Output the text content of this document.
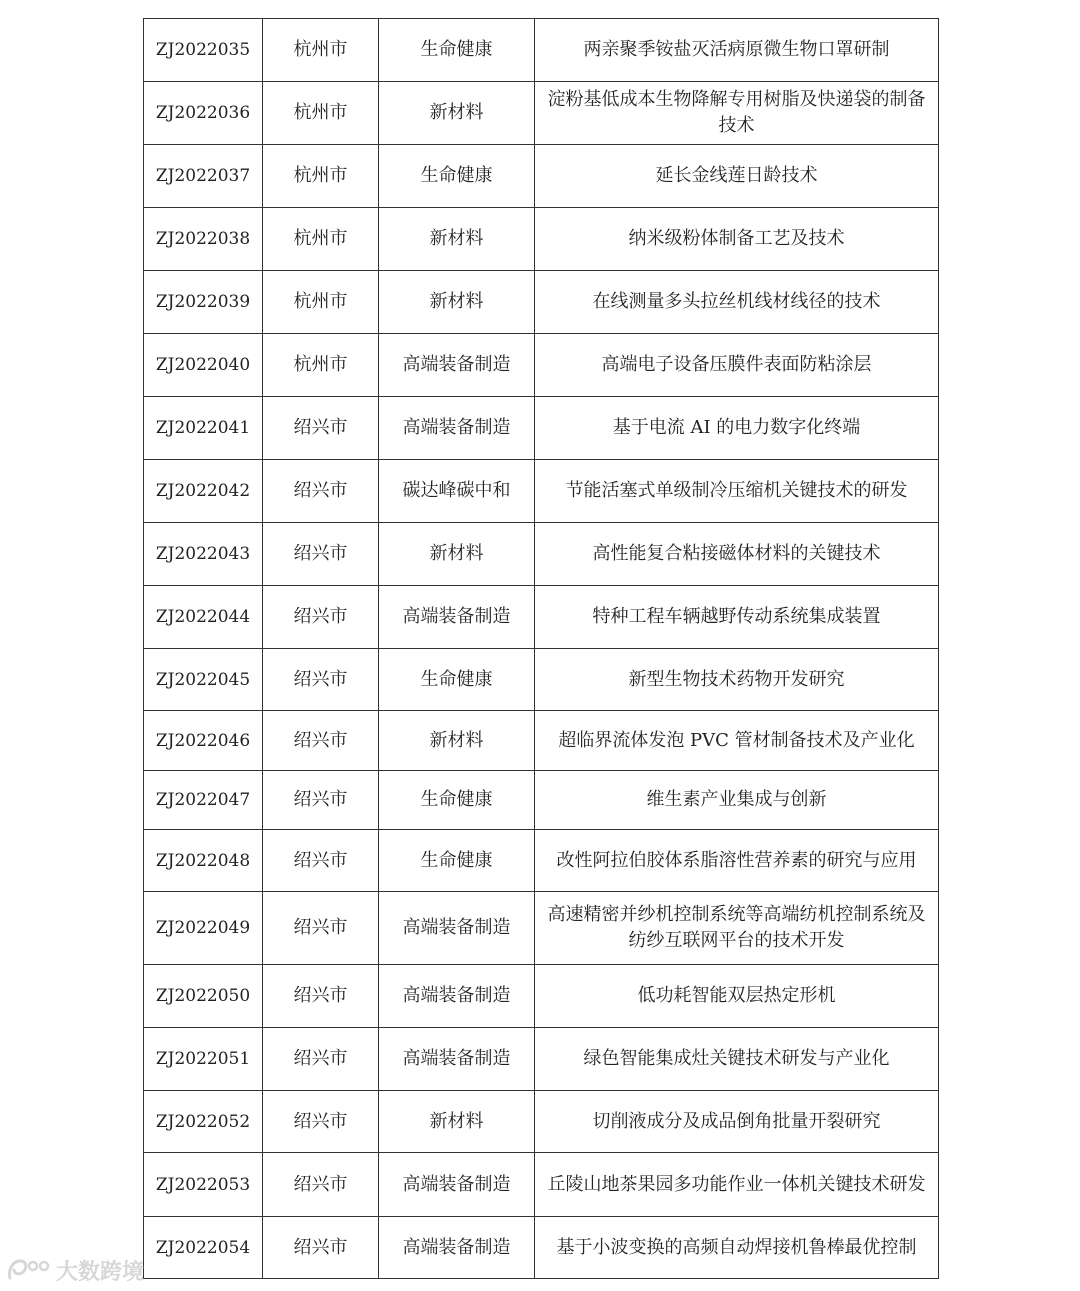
ZJ2022035	杭州市	生命健康	两亲聚季铵盐灭活病原微生物口罩研制
ZJ2022036	杭州市	新材料	淀粉基低成本生物降解专用树脂及快递袋的制备技术
ZJ2022037	杭州市	生命健康	延长金线莲日龄技术
ZJ2022038	杭州市	新材料	纳米级粉体制备工艺及技术
ZJ2022039	杭州市	新材料	在线测量多头拉丝机线材线径的技术
ZJ2022040	杭州市	高端装备制造	高端电子设备压膜件表面防粘涂层
ZJ2022041	绍兴市	高端装备制造	基于电流 AI 的电力数字化终端
ZJ2022042	绍兴市	碳达峰碳中和	节能活塞式单级制冷压缩机关键技术的研发
ZJ2022043	绍兴市	新材料	高性能复合粘接磁体材料的关键技术
ZJ2022044	绍兴市	高端装备制造	特种工程车辆越野传动系统集成装置
ZJ2022045	绍兴市	生命健康	新型生物技术药物开发研究
ZJ2022046	绍兴市	新材料	超临界流体发泡 PVC 管材制备技术及产业化
ZJ2022047	绍兴市	生命健康	维生素产业集成与创新
ZJ2022048	绍兴市	生命健康	改性阿拉伯胶体系脂溶性营养素的研究与应用
ZJ2022049	绍兴市	高端装备制造	高速精密并纱机控制系统等高端纺机控制系统及纺纱互联网平台的技术开发
ZJ2022050	绍兴市	高端装备制造	低功耗智能双层热定形机
ZJ2022051	绍兴市	高端装备制造	绿色智能集成灶关键技术研发与产业化
ZJ2022052	绍兴市	新材料	切削液成分及成品倒角批量开裂研究
ZJ2022053	绍兴市	高端装备制造	丘陵山地茶果园多功能作业一体机关键技术研发
ZJ2022054	绍兴市	高端装备制造	基于小波变换的高频自动焊接机鲁棒最优控制
大数跨境
